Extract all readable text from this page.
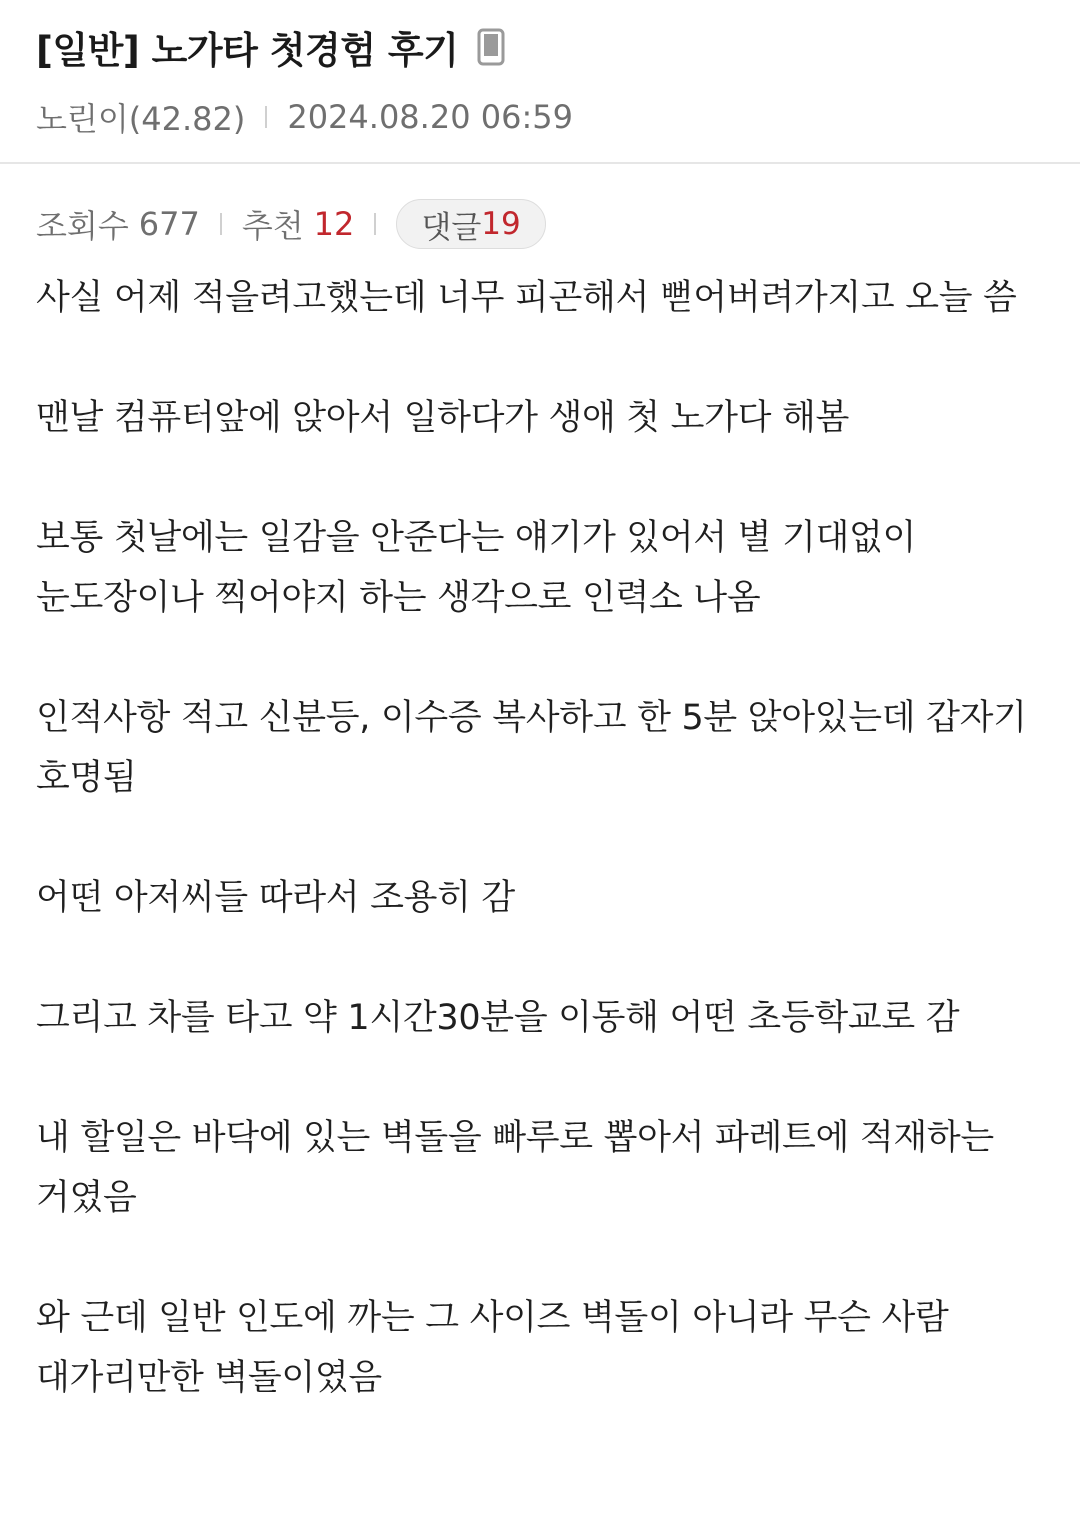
[일반] 노가타 첫경험 후기
노린이(42.82) 2024.08.20 06:59
조회수 677 추천 12 댓글 19

사실 어제 적을려고했는데 너무 피곤해서 뻗어버려가지고 오늘 씀

맨날 컴퓨터앞에 앉아서 일하다가 생애 첫 노가다 해봄

보통 첫날에는 일감을 안준다는 얘기가 있어서 별 기대없이 눈도장이나 찍어야지 하는 생각으로 인력소 나옴

인적사항 적고 신분등, 이수증 복사하고 한 5분 앉아있는데 갑자기 호명됨

어떤 아저씨들 따라서 조용히 감

그리고 차를 타고 약 1시간30분을 이동해 어떤 초등학교로 감

내 할일은 바닥에 있는 벽돌을 빠루로 뽑아서 파레트에 적재하는 거였음

와 근데 일반 인도에 까는 그 사이즈 벽돌이 아니라 무슨 사람 대가리만한 벽돌이였음
